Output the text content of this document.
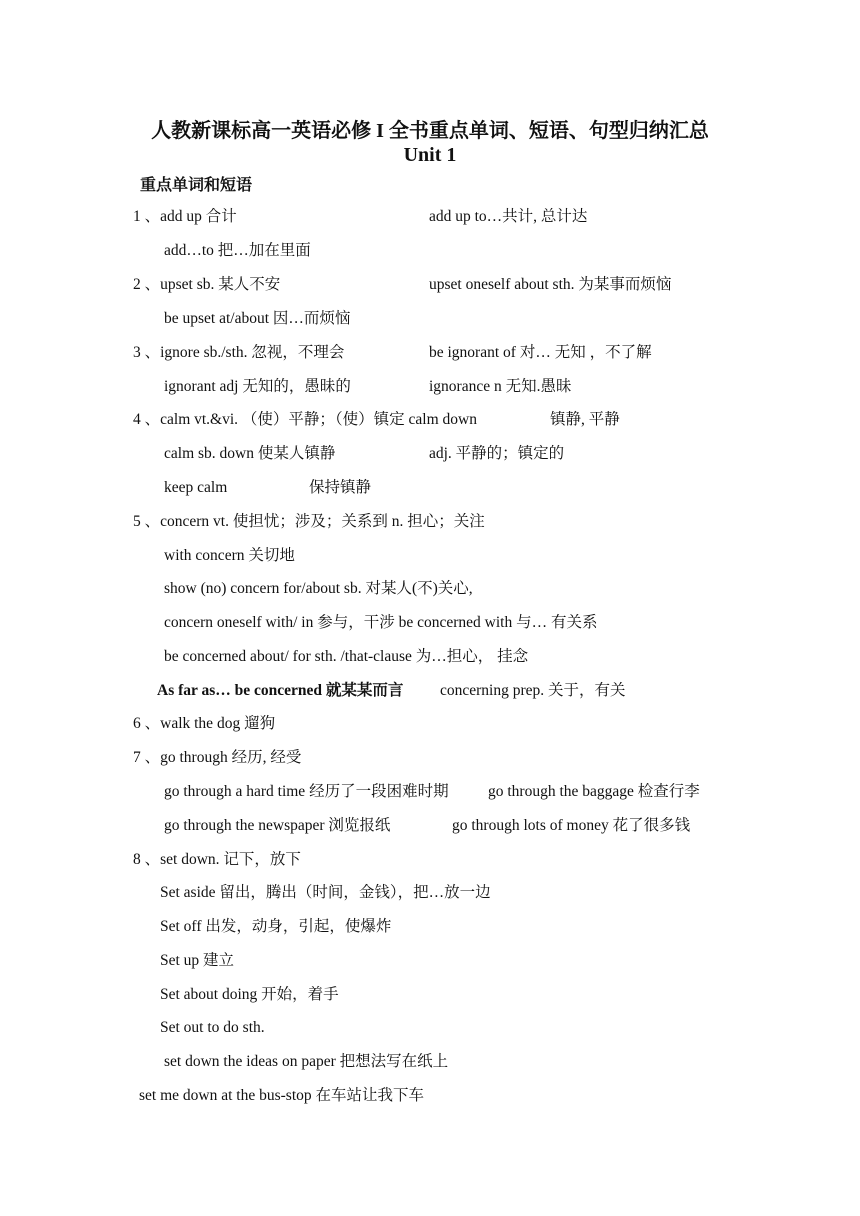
人教新课标高一英语必修 I 全书重点单词、短语、句型归纳汇总
Unit 1
重点单词和短语
1 、add up 合计	add up to…共计, 总计达
add…to 把…加在里面
2 、upset sb. 某人不安	upset oneself about sth. 为某事而烦恼
be upset at/about 因…而烦恼
3 、ignore sb./sth. 忽视，不理会	be ignorant of 对… 无知 ，不了解
ignorant adj 无知的，愚昧的	ignorance n 无知.愚昧
4 、calm vt.&vi. （使）平静；（使）镇定 calm down	镇静, 平静
calm sb. down 使某人镇静	adj. 平静的；镇定的
keep calm	保持镇静
5 、concern vt. 使担忧；涉及；关系到 n. 担心；关注
with concern 关切地
show (no) concern for/about sb. 对某人(不)关心,
concern oneself with/ in 参与，干涉 be concerned with 与… 有关系
be concerned about/ for sth. /that-clause 为…担心， 挂念
As far as… be concerned 就某某而言 concerning prep. 关于，有关
6 、walk the dog 遛狗
7 、go through 经历, 经受
go through a hard time 经历了一段困难时期	go through the baggage 检查行李
go through the newspaper 浏览报纸	go through lots of money 花了很多钱
8 、set down. 记下，放下
Set aside 留出，腾出（时间，金钱），把…放一边
Set off 出发，动身，引起，使爆炸
Set up 建立
Set about doing 开始，着手
Set out to do sth.
set down the ideas on paper 把想法写在纸上
set me down at the bus-stop 在车站让我下车
